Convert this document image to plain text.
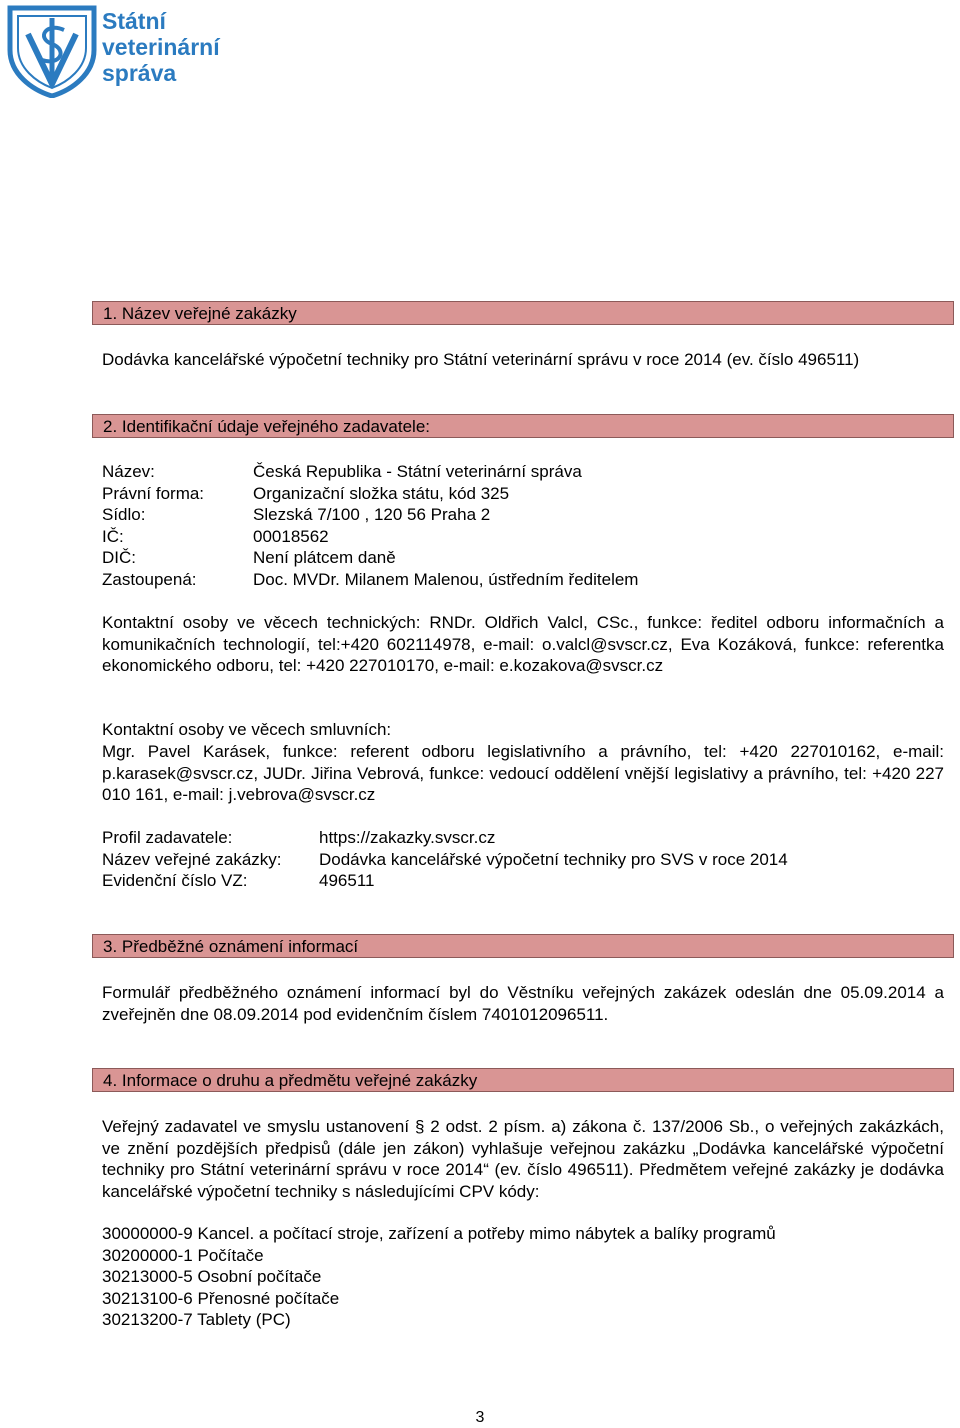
Státní
veterinární
správa
1. Název veřejné zakázky
Dodávka kancelářské výpočetní techniky pro Státní veterinární správu v roce 2014 (ev. číslo 496511)
2. Identifikační údaje veřejného zadavatele:
Název:	Česká Republika - Státní veterinární správa
Právní forma:	Organizační složka státu, kód 325
Sídlo:	Slezská 7/100 , 120 56 Praha 2
IČ:	00018562
DIČ:	Není plátcem daně
Zastoupená:	Doc. MVDr. Milanem Malenou, ústředním ředitelem
Kontaktní osoby ve věcech technických: RNDr. Oldřich Valcl, CSc., funkce: ředitel odboru informačních a komunikačních technologií, tel:+420 602114978, e-mail: o.valcl@svscr.cz, Eva Kozáková, funkce: referentka ekonomického odboru, tel: +420 227010170, e-mail: e.kozakova@svscr.cz
Kontaktní osoby ve věcech smluvních:
Mgr. Pavel Karásek, funkce: referent odboru legislativního a právního, tel: +420 227010162, e-mail: p.karasek@svscr.cz, JUDr. Jiřina Vebrová, funkce: vedoucí oddělení vnější legislativy a právního, tel: +420 227 010 161, e-mail: j.vebrova@svscr.cz
Profil zadavatele:	https://zakazky.svscr.cz
Název veřejné zakázky:	Dodávka kancelářské výpočetní techniky pro SVS v roce 2014
Evidenční číslo VZ:	496511
3. Předběžné oznámení informací
Formulář předběžného oznámení informací byl do Věstníku veřejných zakázek odeslán dne 05.09.2014 a zveřejněn dne 08.09.2014 pod evidenčním číslem 7401012096511.
4. Informace o druhu a předmětu veřejné zakázky
Veřejný zadavatel ve smyslu ustanovení § 2 odst. 2 písm. a) zákona č. 137/2006 Sb., o veřejných zakázkách, ve znění pozdějších předpisů (dále jen zákon) vyhlašuje veřejnou zakázku „Dodávka kancelářské výpočetní techniky pro Státní veterinární správu v roce 2014“ (ev. číslo 496511). Předmětem veřejné zakázky je dodávka kancelářské výpočetní techniky s následujícími CPV kódy:
30000000-9 Kancel. a počítací stroje, zařízení a potřeby mimo nábytek a balíky programů
30200000-1 Počítače
30213000-5 Osobní počítače
30213100-6 Přenosné počítače
30213200-7 Tablety (PC)
3
